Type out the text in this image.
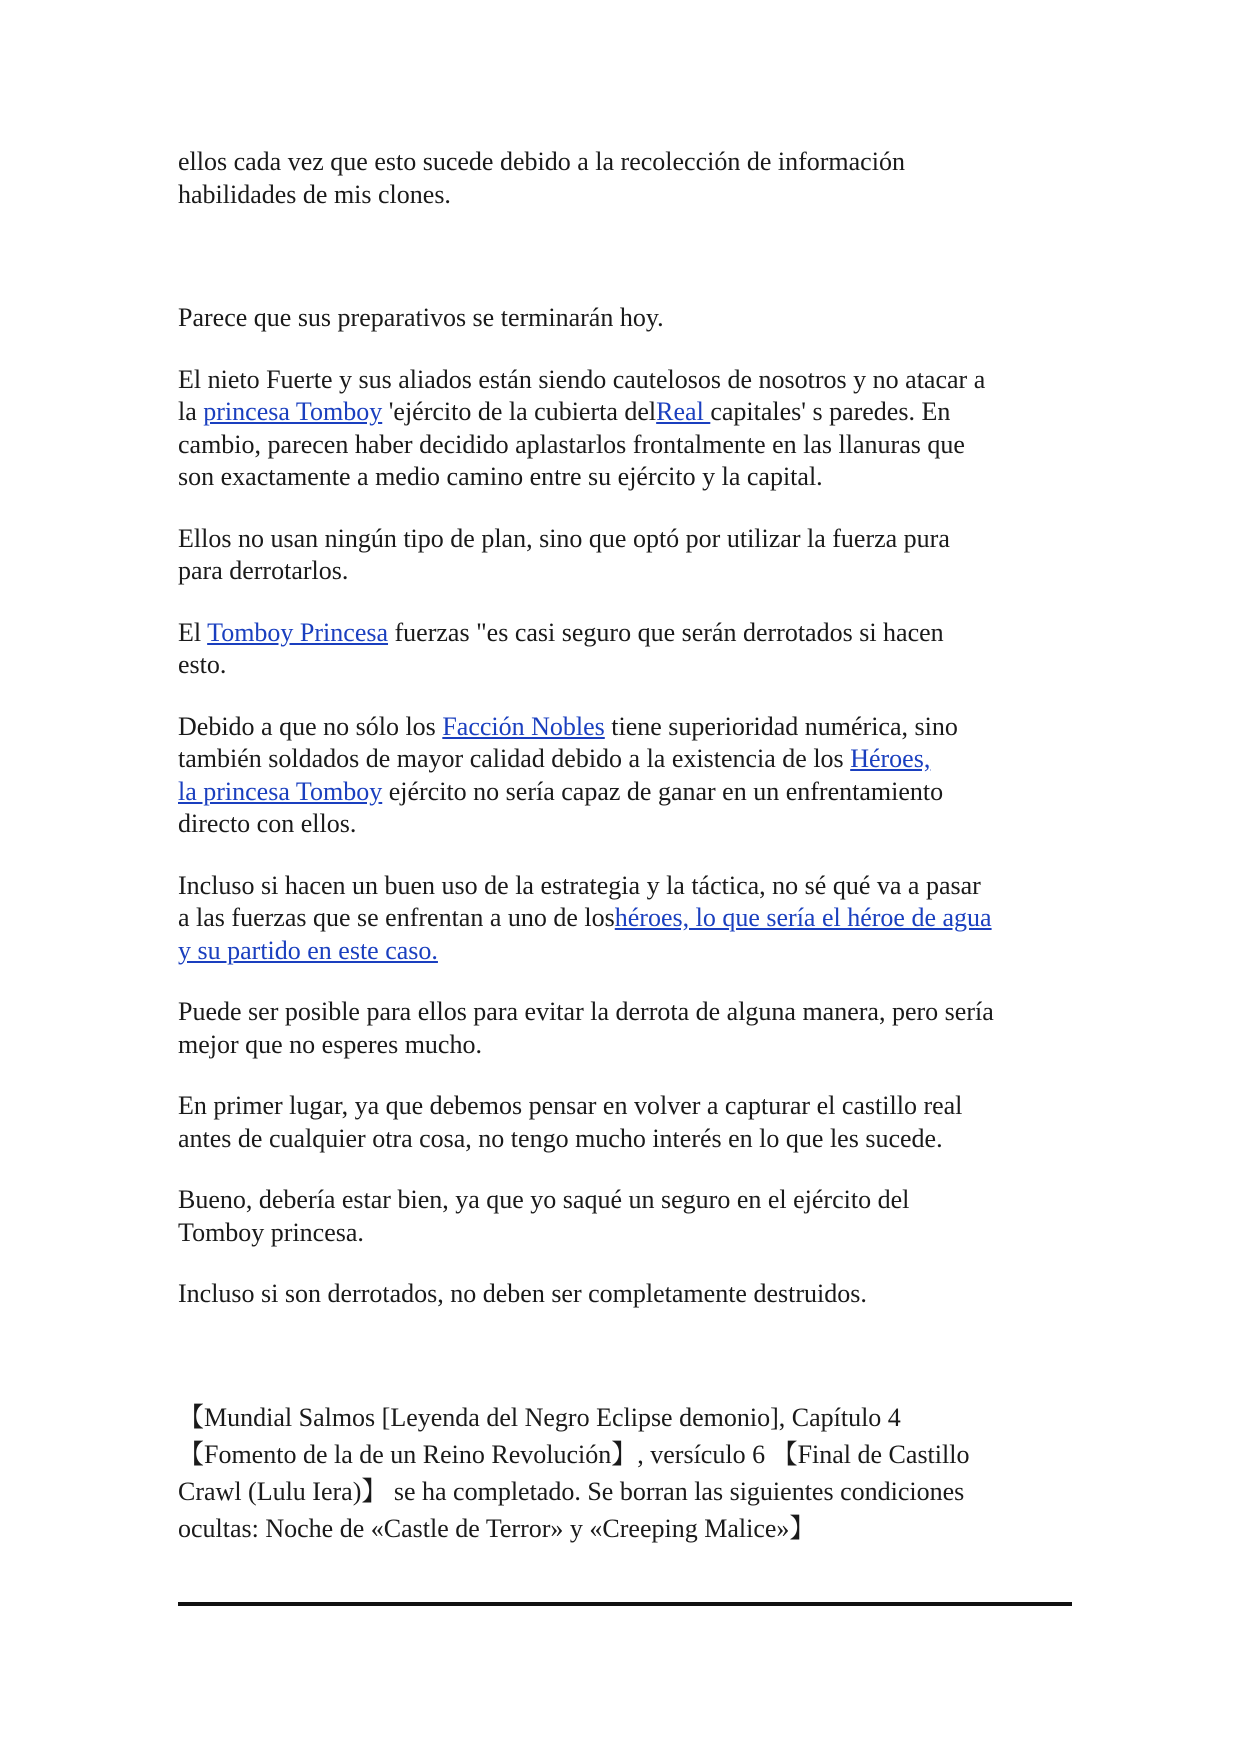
ellos cada vez que esto sucede debido a la recolección de información
habilidades de mis clones.

Parece que sus preparativos se terminarán hoy.

El nieto Fuerte y sus aliados están siendo cautelosos de nosotros y no atacar a
la princesa Tomboy 'ejército de la cubierta delReal capitales' s paredes. En
cambio, parecen haber decidido aplastarlos frontalmente en las llanuras que
son exactamente a medio camino entre su ejército y la capital.

Ellos no usan ningún tipo de plan, sino que optó por utilizar la fuerza pura
para derrotarlos.

El Tomboy Princesa fuerzas "es casi seguro que serán derrotados si hacen
esto.

Debido a que no sólo los Facción Nobles tiene superioridad numérica, sino
también soldados de mayor calidad debido a la existencia de los Héroes,
la princesa Tomboy ejército no sería capaz de ganar en un enfrentamiento
directo con ellos.

Incluso si hacen un buen uso de la estrategia y la táctica, no sé qué va a pasar
a las fuerzas que se enfrentan a uno de loshéroes, lo que sería el héroe de agua
y su partido en este caso.

Puede ser posible para ellos para evitar la derrota de alguna manera, pero sería
mejor que no esperes mucho.

En primer lugar, ya que debemos pensar en volver a capturar el castillo real
antes de cualquier otra cosa, no tengo mucho interés en lo que les sucede.

Bueno, debería estar bien, ya que yo saqué un seguro en el ejército del
Tomboy princesa.

Incluso si son derrotados, no deben ser completamente destruidos.

【Mundial Salmos [Leyenda del Negro Eclipse demonio], Capítulo 4
【Fomento de la de un Reino Revolución】, versículo 6 【Final de Castillo
Crawl (Lulu Iera)】 se ha completado. Se borran las siguientes condiciones
ocultas: Noche de «Castle de Terror» y «Creeping Malice»】
